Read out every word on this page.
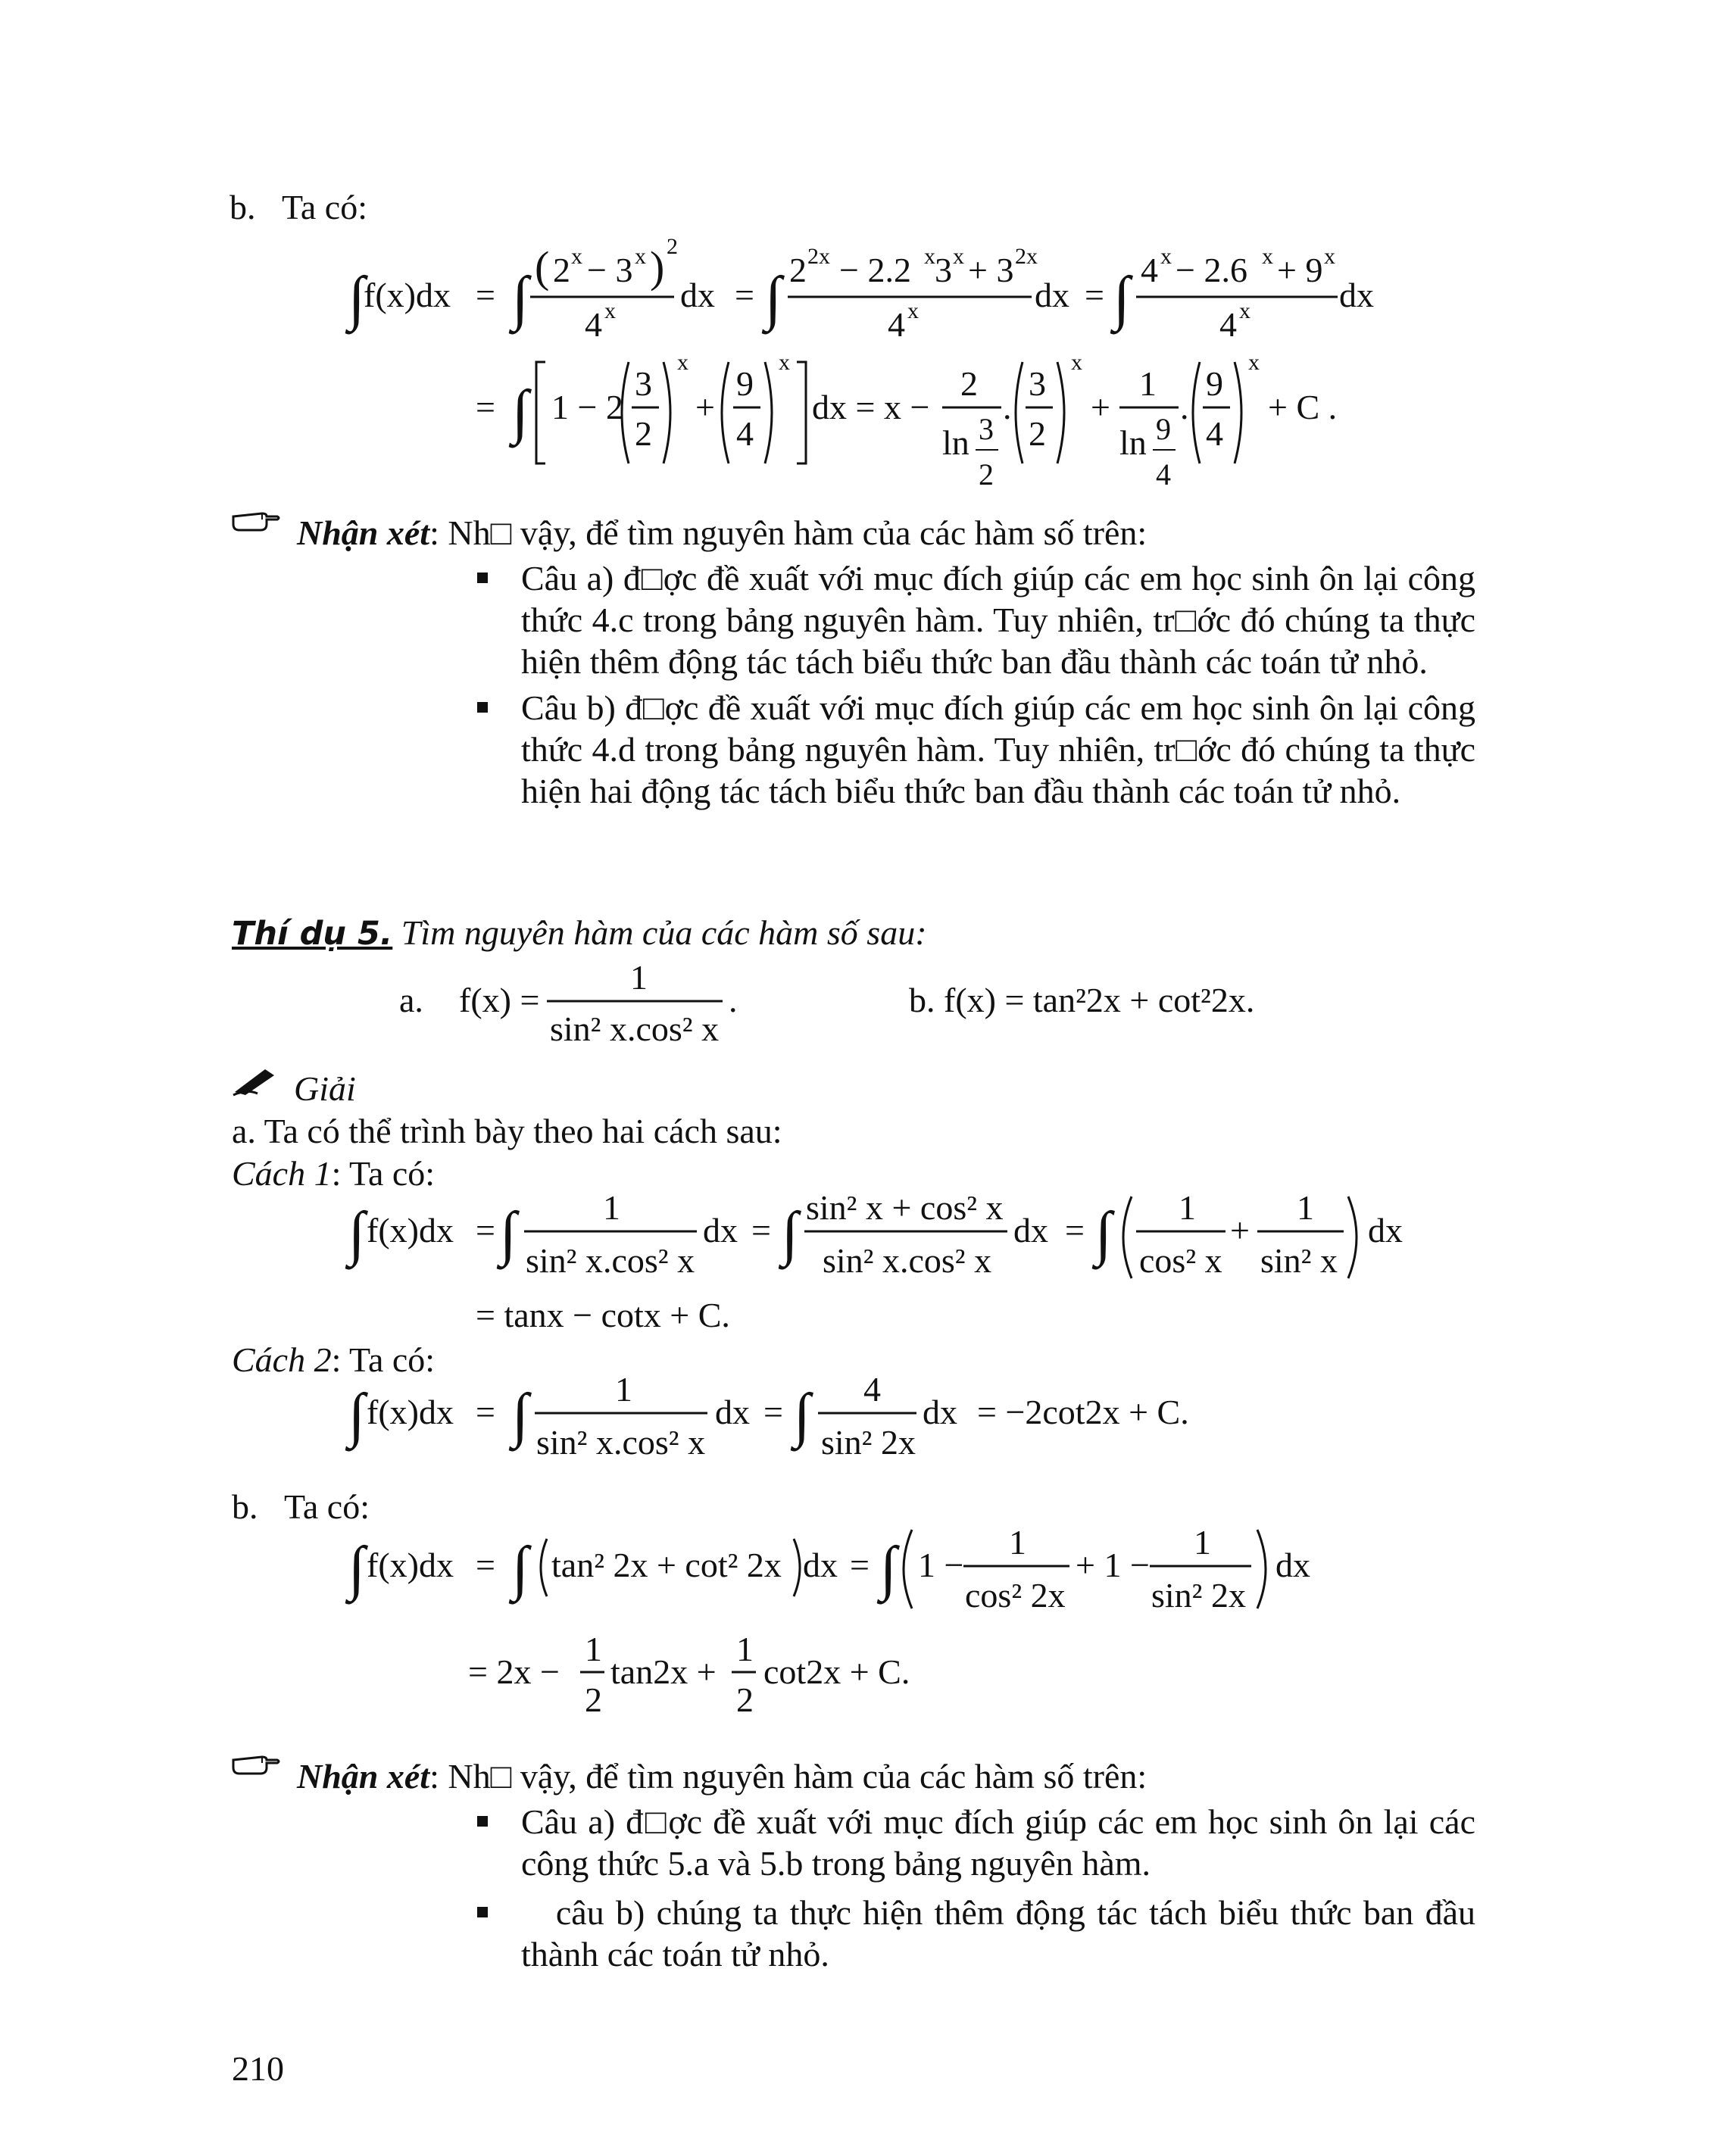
b. Ta có:
∫
f(x)dx = ∫ ( 2 x − 3 x ) 2
4 x dx = ∫ 2 2x − 2.2 x 3 x + 3 2x
4 x	dx = ∫ 4 x − 2.6 x + 9 x
4 x	dx
= ∫ 1 − 2
3
2
x
+
9
4
x
dx = x −
2
ln 3
2
.
3
2
x
+
1
ln 9
4
.
9
4
x
+ C .
Nhận xét: Nh□ vậy, để tìm nguyên hàm của các hàm số trên:
Câu a) đ□ợc đề xuất với mục đích giúp các em học sinh ôn lại công thức 4.c trong bảng nguyên hàm. Tuy nhiên, tr□ớc đó chúng ta thực hiện thêm động tác tách biểu thức ban đầu thành các toán tử nhỏ.
Câu b) đ□ợc đề xuất với mục đích giúp các em học sinh ôn lại công thức 4.d trong bảng nguyên hàm. Tuy nhiên, tr□ớc đó chúng ta thực hiện hai động tác tách biểu thức ban đầu thành các toán tử nhỏ.
Thí dụ 5. Tìm nguyên hàm của các hàm số sau:
a. f(x) =
1
sin² x.cos² x
.	b. f(x) = tan²2x + cot²2x.
Giải
a. Ta có thể trình bày theo hai cách sau:
Cách 1: Ta có:
∫ f(x)dx = ∫ 1
sin² x.cos² x
dx = ∫ sin² x + cos² x
sin² x.cos² x
dx = ∫ 1
cos² x
+
1
sin² x
dx
= tanx − cotx + C.
Cách 2: Ta có:
∫ f(x)dx = ∫ 1
sin² x.cos² x
dx = ∫ 4
sin² 2x
dx = −2cot2x + C.
b. Ta có:
∫ f(x)dx = ∫ tan² 2x + cot² 2x dx = ∫ 1 −
1
cos² 2x
+ 1 −
1
sin² 2x
dx
= 2x −
1
2
tan2x +
1
2
cot2x + C.
Nhận xét: Nh□ vậy, để tìm nguyên hàm của các hàm số trên:
Câu a) đ□ợc đề xuất với mục đích giúp các em học sinh ôn lại các công thức 5.a và 5.b trong bảng nguyên hàm.
câu b) chúng ta thực hiện thêm động tác tách biểu thức ban đầu thành các toán tử nhỏ.
210
